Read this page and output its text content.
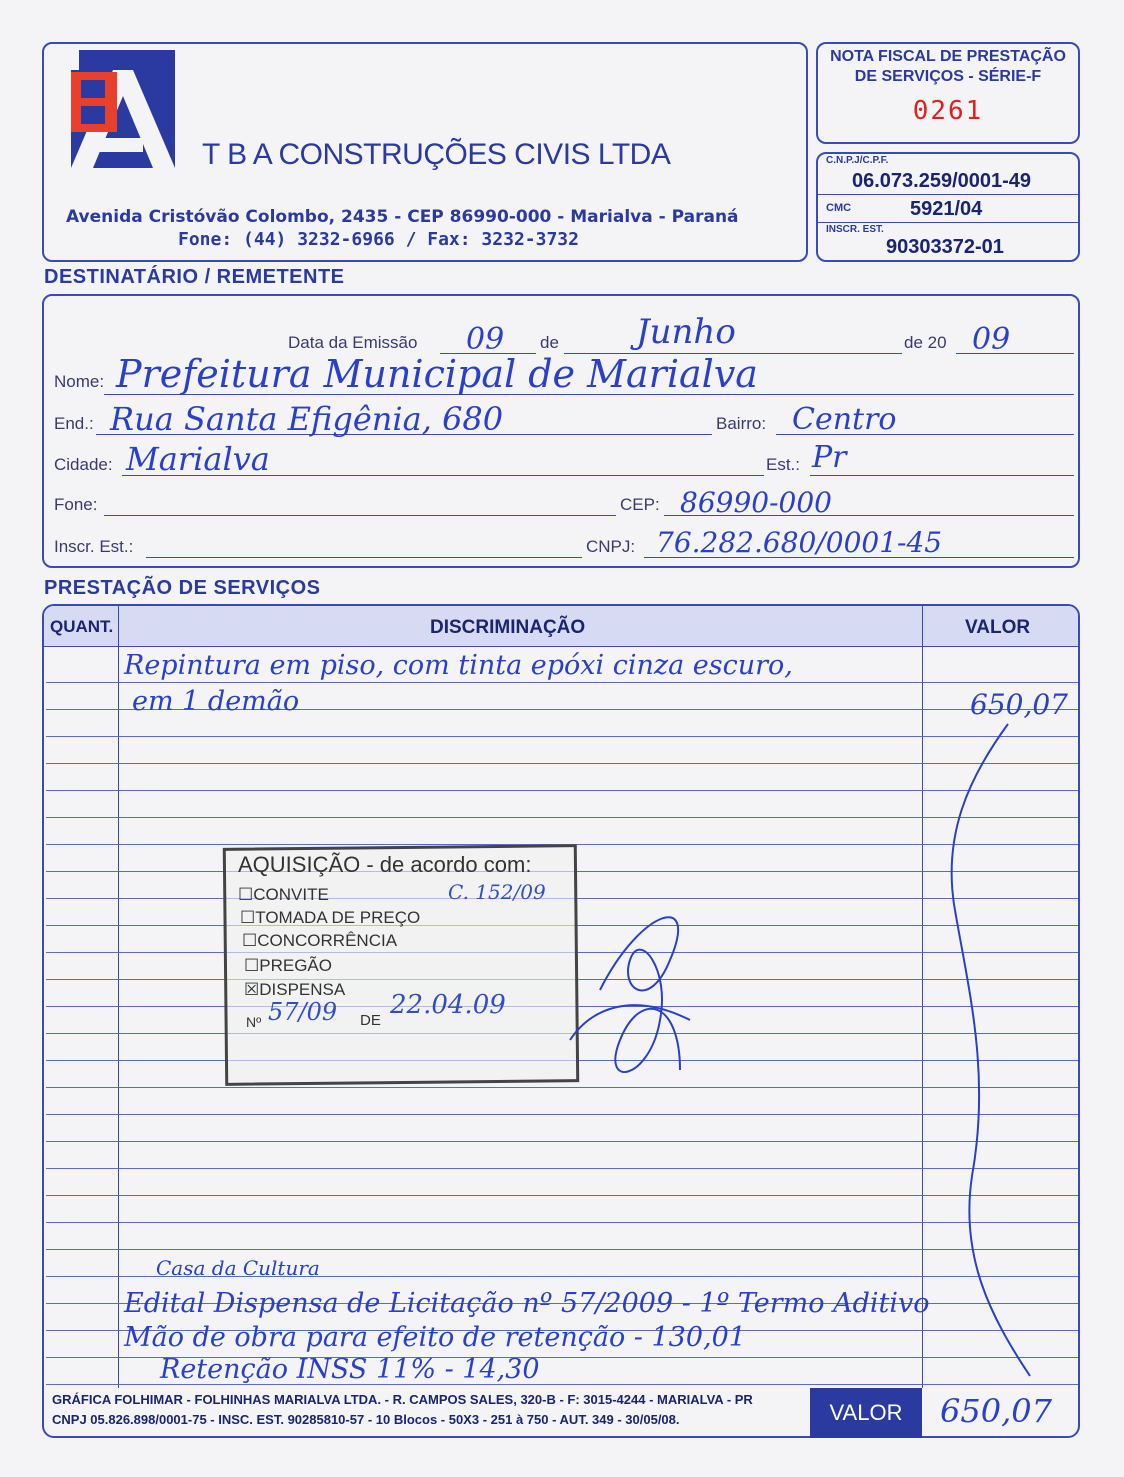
T B A CONSTRUÇÕES CIVIS LTDA
Avenida Cristóvão Colombo, 2435 - CEP 86990-000 - Marialva - Paraná
Fone: (44) 3232-6966 / Fax: 3232-3732
NOTA FISCAL DE PRESTAÇÃO
DE SERVIÇOS - SÉRIE-F
0261
C.N.P.J/C.P.F.
06.073.259/0001-49
CMC	5921/04
INSCR. EST.
90303372-01
DESTINATÁRIO / REMETENTE
Data da Emissão 09 de Junho	de 20 09
Nome: Prefeitura Municipal de Marialva
End.: Rua Santa Efigênia, 680	Bairro: Centro
Cidade: Marialva	Est.: Pr
Fone:	CEP: 86990-000
Inscr. Est.:	CNPJ: 76.282.680/0001-45
PRESTAÇÃO DE SERVIÇOS
QUANT.	DISCRIMINAÇÃO	VALOR
Repintura em piso, com tinta epóxi cinza escuro,
em 1 demão	650,07
AQUISIÇÃO - de acordo com:
☐CONVITE	C. 152/09
☐TOMADA DE PREÇO
☐CONCORRÊNCIA
☐PREGÃO
☒DISPENSA
Nº 57/09 DE
22.04.09
Casa da Cultura
Edital Dispensa de Licitação nº 57/2009 - 1º Termo Aditivo
Mão de obra para efeito de retenção - 130,01
Retenção INSS 11% - 14,30
GRÁFICA FOLHIMAR - FOLHINHAS MARIALVA LTDA. - R. CAMPOS SALES, 320-B - F: 3015-4244 - MARIALVA - PR
CNPJ 05.826.898/0001-75 - INSC. EST. 90285810-57 - 10 Blocos - 50X3 - 251 à 750 - AUT. 349 - 30/05/08.	VALOR	650,07
